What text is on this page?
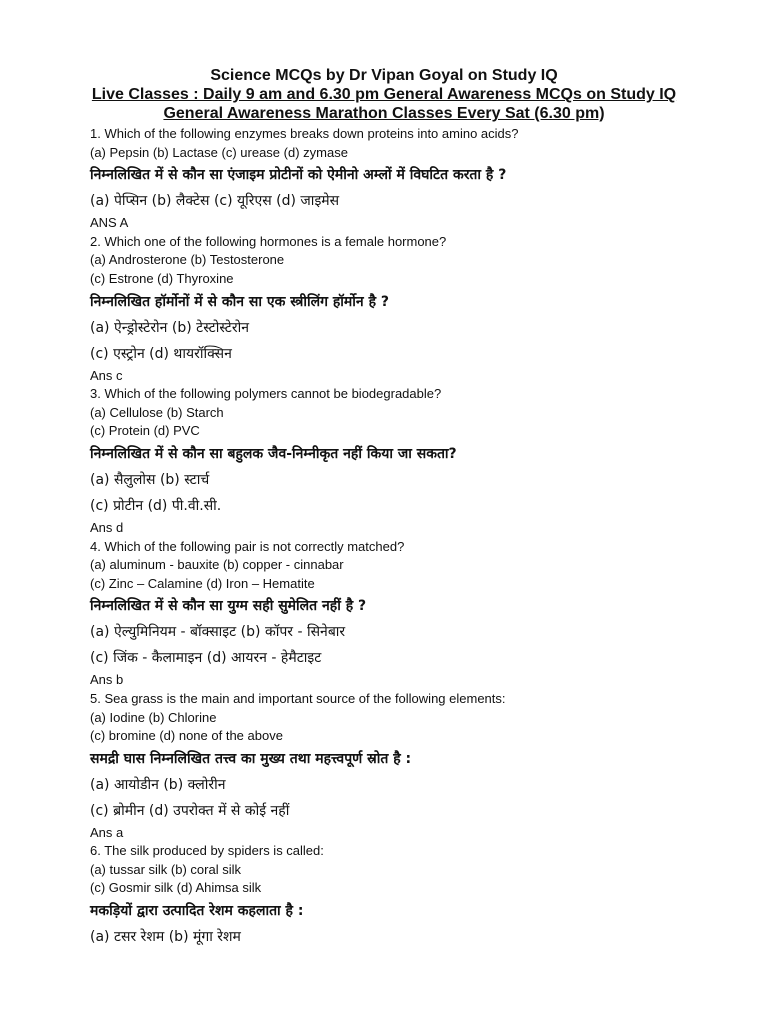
Science MCQs by Dr Vipan Goyal on Study IQ
Live Classes : Daily 9 am and 6.30 pm General Awareness MCQs on Study IQ
General Awareness Marathon Classes Every Sat (6.30 pm)
1. Which of the following enzymes breaks down proteins into amino acids?
(a) Pepsin (b) Lactase (c) urease (d) zymase
निम्नलिखित में से कौन सा एंजाइम प्रोटीनों को ऐमीनो अम्लों में विघटित करता है ?
(a) पेप्सिन (b) लैक्टेस (c) यूरिएस (d) जाइमेस
ANS A
2. Which one of the following hormones is a female hormone?
(a) Androsterone (b) Testosterone
(c) Estrone (d) Thyroxine
निम्नलिखित हॉर्मोनों में से कौन सा एक स्त्रीलिंग हॉर्मोन है ?
(a) ऐन्ड्रोस्टेरोन (b) टेस्टोस्टेरोन
(c) एस्ट्रोन (d) थायरॉक्सिन
Ans c
3. Which of the following polymers cannot be biodegradable?
(a) Cellulose (b) Starch
(c) Protein (d) PVC
निम्नलिखित में से कौन सा बहुलक जैव-निम्नीकृत नहीं किया जा सकता?
(a) सैलुलोस (b) स्टार्च
(c) प्रोटीन (d) पी.वी.सी.
Ans d
4. Which of the following pair is not correctly matched?
(a) aluminum - bauxite (b) copper - cinnabar
(c) Zinc – Calamine (d) Iron – Hematite
निम्नलिखित में से कौन सा युग्म सही सुमेलित नहीं है ?
(a) ऐल्युमिनियम - बॉक्साइट (b) कॉपर - सिनेबार
(c) जिंक - कैलामाइन (d) आयरन - हेमैटाइट
Ans b
5. Sea grass is the main and important source of the following elements:
(a) Iodine (b) Chlorine
(c) bromine (d) none of the above
समद्री घास निम्नलिखित तत्त्व का मुख्य तथा महत्त्वपूर्ण स्रोत है :
(a) आयोडीन (b) क्लोरीन
(c) ब्रोमीन (d) उपरोक्त में से कोई नहीं
Ans a
6. The silk produced by spiders is called:
(a) tussar silk (b) coral silk
(c) Gosmir silk (d) Ahimsa silk
मकड़ियों द्वारा उत्पादित रेशम कहलाता है :
(a) टसर रेशम (b) मूंगा रेशम
